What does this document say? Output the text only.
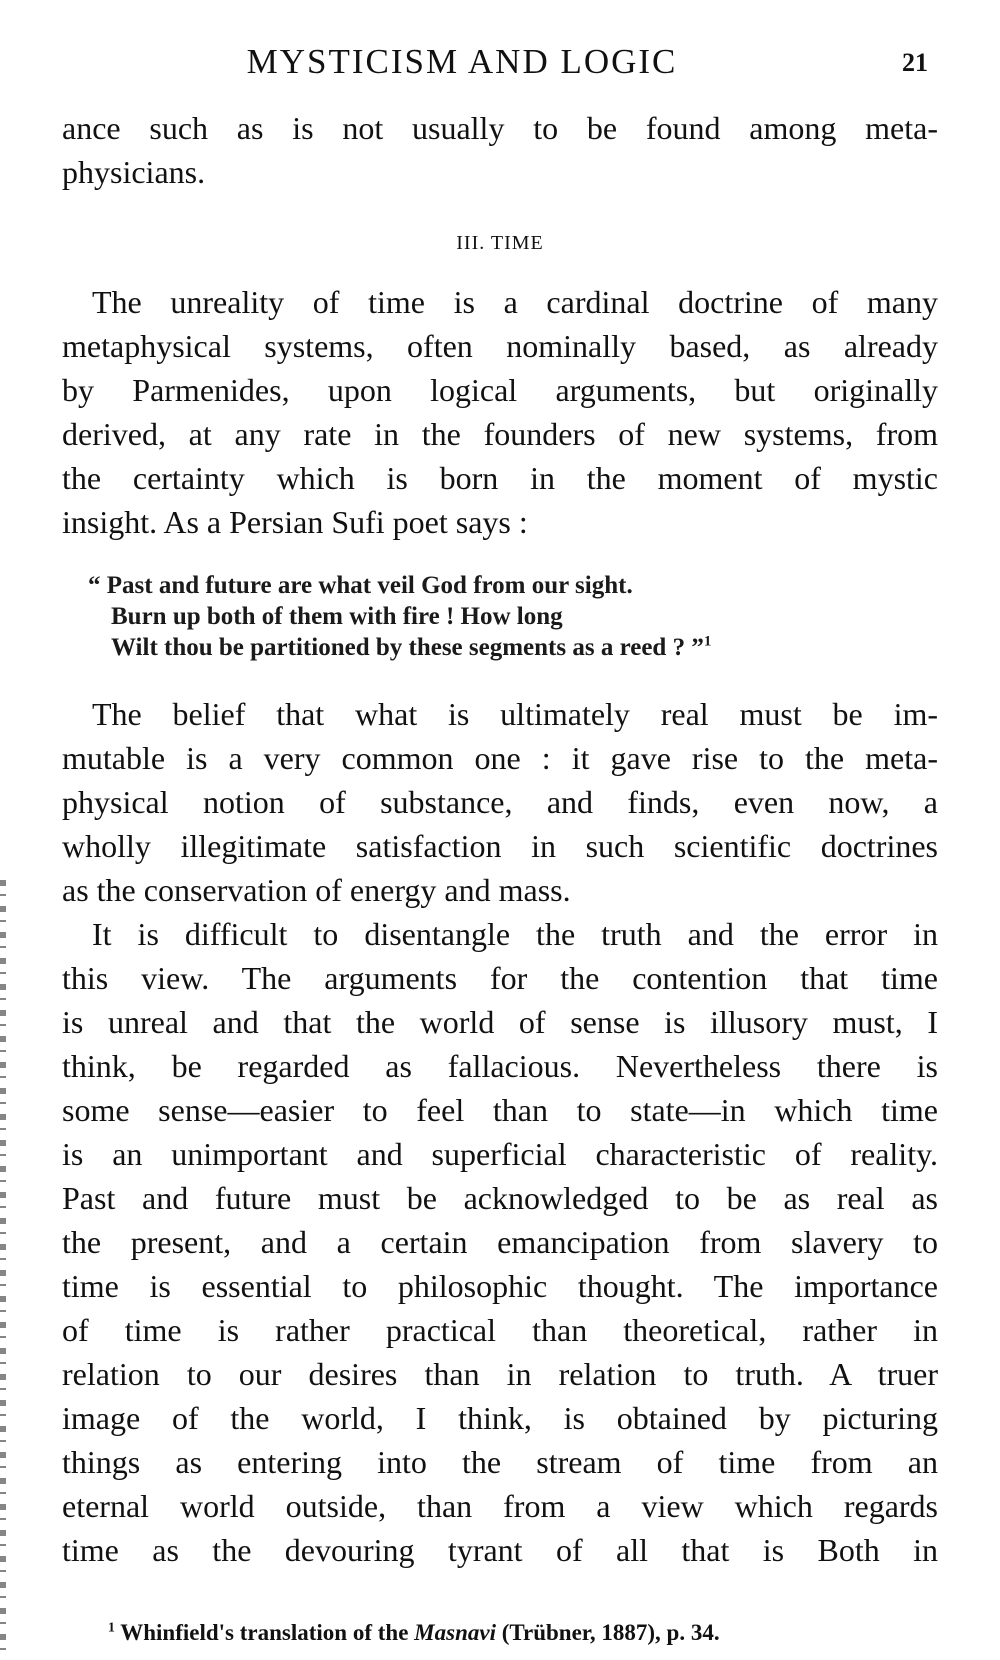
MYSTICISM AND LOGIC	21
ance such as is not usually to be found among meta-
physicians.
III. TIME
The unreality of time is a cardinal doctrine of many
metaphysical systems, often nominally based, as already
by Parmenides, upon logical arguments, but originally
derived, at any rate in the founders of new systems, from
the certainty which is born in the moment of mystic
insight. As a Persian Sufi poet says :
“ Past and future are what veil God from our sight.
Burn up both of them with fire ! How long
Wilt thou be partitioned by these segments as a reed ? ”$^1$
The belief that what is ultimately real must be im-
mutable is a very common one : it gave rise to the meta-
physical notion of substance, and finds, even now, a
wholly illegitimate satisfaction in such scientific doctrines
as the conservation of energy and mass.
It is difficult to disentangle the truth and the error in
this view. The arguments for the contention that time
is unreal and that the world of sense is illusory must, I
think, be regarded as fallacious. Nevertheless there is
some sense—easier to feel than to state—in which time
is an unimportant and superficial characteristic of reality.
Past and future must be acknowledged to be as real as
the present, and a certain emancipation from slavery to
time is essential to philosophic thought. The importance
of time is rather practical than theoretical, rather in
relation to our desires than in relation to truth. A truer
image of the world, I think, is obtained by picturing
things as entering into the stream of time from an
eternal world outside, than from a view which regards
time as the devouring tyrant of all that is Both in
$^1$ Whinfield's translation of the Masnavi (Trübner, 1887), p. 34.
